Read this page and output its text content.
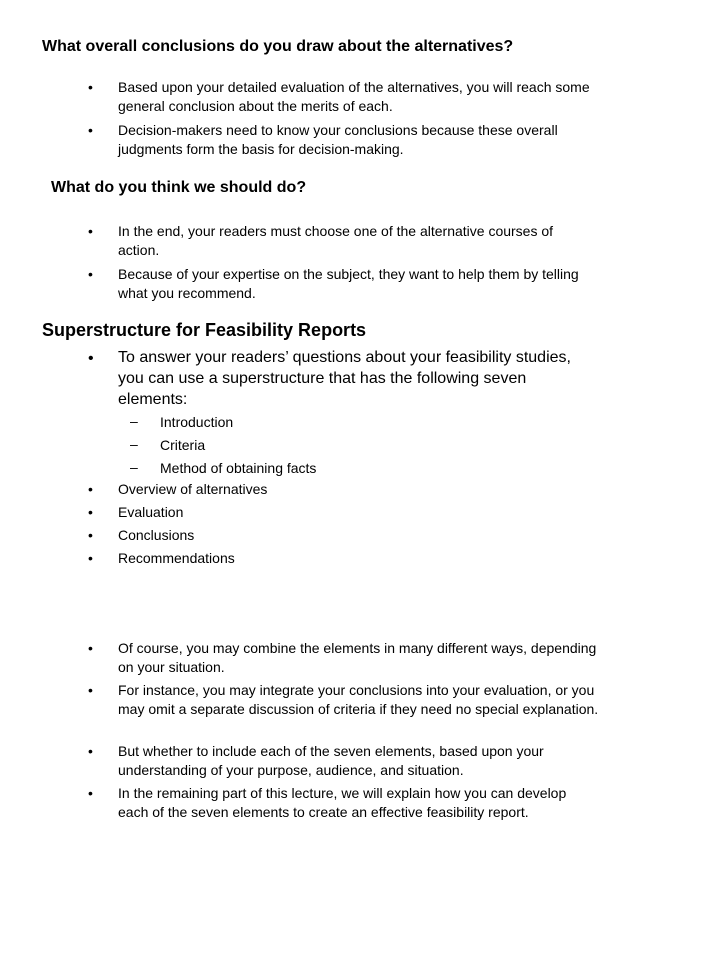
What overall conclusions do you draw about the alternatives?
• Based upon your detailed evaluation of the alternatives, you will reach some
general conclusion about the merits of each.
• Decision-makers need to know your conclusions because these overall
judgments form the basis for decision-making.
What do you think we should do?
• In the end, your readers must choose one of the alternative courses of
action.
• Because of your expertise on the subject, they want to help them by telling
what you recommend.
Superstructure for Feasibility Reports
• To answer your readers’ questions about your feasibility studies,
you can use a superstructure that has the following seven
elements:
– Introduction
– Criteria
– Method of obtaining facts
• Overview of alternatives
• Evaluation
• Conclusions
• Recommendations
• Of course, you may combine the elements in many different ways, depending
on your situation.
• For instance, you may integrate your conclusions into your evaluation, or you
may omit a separate discussion of criteria if they need no special explanation.
• But whether to include each of the seven elements, based upon your
understanding of your purpose, audience, and situation.
• In the remaining part of this lecture, we will explain how you can develop
each of the seven elements to create an effective feasibility report.
